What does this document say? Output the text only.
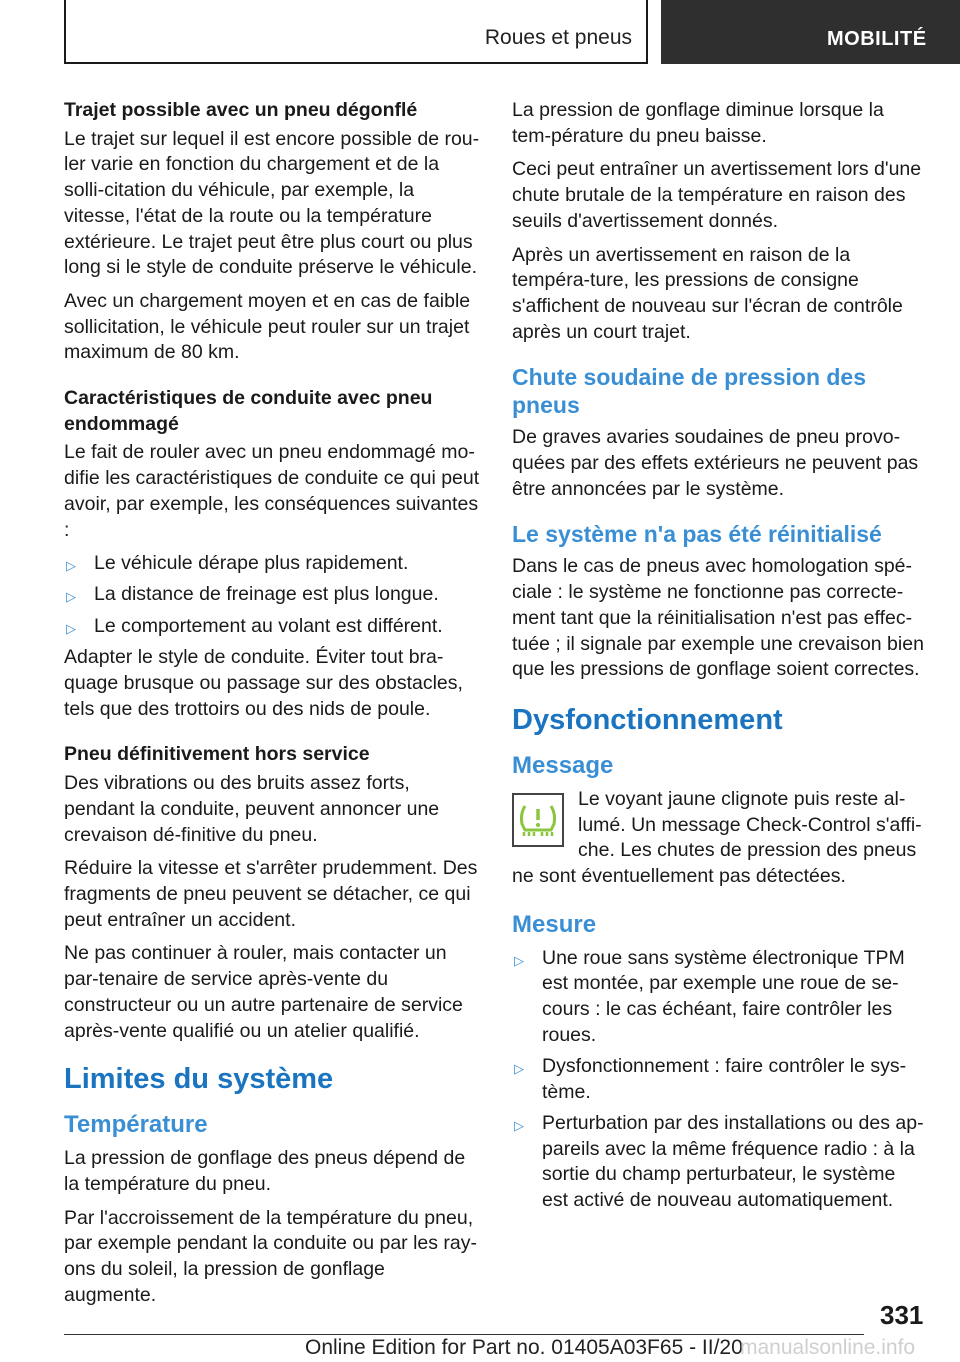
Roues et pneus	MOBILITÉ
Trajet possible avec un pneu dégonflé

Le trajet sur lequel il est encore possible de rou-ler varie en fonction du chargement et de la solli-citation du véhicule, par exemple, la vitesse, l'état de la route ou la température extérieure. Le trajet peut être plus court ou plus long si le style de conduite préserve le véhicule.

Avec un chargement moyen et en cas de faible sollicitation, le véhicule peut rouler sur un trajet maximum de 80 km.

Caractéristiques de conduite avec pneu endommagé

Le fait de rouler avec un pneu endommagé mo-difie les caractéristiques de conduite ce qui peut avoir, par exemple, les conséquences suivantes :

▷ Le véhicule dérape plus rapidement.
▷ La distance de freinage est plus longue.
▷ Le comportement au volant est différent.

Adapter le style de conduite. Éviter tout bra-quage brusque ou passage sur des obstacles, tels que des trottoirs ou des nids de poule.

Pneu définitivement hors service

Des vibrations ou des bruits assez forts, pendant la conduite, peuvent annoncer une crevaison dé-finitive du pneu.

Réduire la vitesse et s'arrêter prudemment. Des fragments de pneu peuvent se détacher, ce qui peut entraîner un accident.

Ne pas continuer à rouler, mais contacter un par-tenaire de service après-vente du constructeur ou un autre partenaire de service après-vente qualifié ou un atelier qualifié.

Limites du système
Température

La pression de gonflage des pneus dépend de la température du pneu.

Par l'accroissement de la température du pneu, par exemple pendant la conduite ou par les ray-ons du soleil, la pression de gonflage augmente.

La pression de gonflage diminue lorsque la tem-pérature du pneu baisse.

Ceci peut entraîner un avertissement lors d'une chute brutale de la température en raison des seuils d'avertissement donnés.

Après un avertissement en raison de la tempéra-ture, les pressions de consigne s'affichent de nouveau sur l'écran de contrôle après un court trajet.

Chute soudaine de pression des pneus

De graves avaries soudaines de pneu provo-quées par des effets extérieurs ne peuvent pas être annoncées par le système.

Le système n'a pas été réinitialisé

Dans le cas de pneus avec homologation spé-ciale : le système ne fonctionne pas correcte-ment tant que la réinitialisation n'est pas effec-tuée ; il signale par exemple une crevaison bien que les pressions de gonflage soient correctes.

Dysfonctionnement
Message

Le voyant jaune clignote puis reste al-lumé. Un message Check-Control s'affi-che. Les chutes de pression des pneus ne sont éventuellement pas détectées.

Mesure
▷ Une roue sans système électronique TPM est montée, par exemple une roue de se-cours : le cas échéant, faire contrôler les roues.
▷ Dysfonctionnement : faire contrôler le sys-tème.
▷ Perturbation par des installations ou des ap-pareils avec la même fréquence radio : à la sortie du champ perturbateur, le système est activé de nouveau automatiquement.
331
Online Edition for Part no. 01405A03F65 - II/20
manualsonline.info
